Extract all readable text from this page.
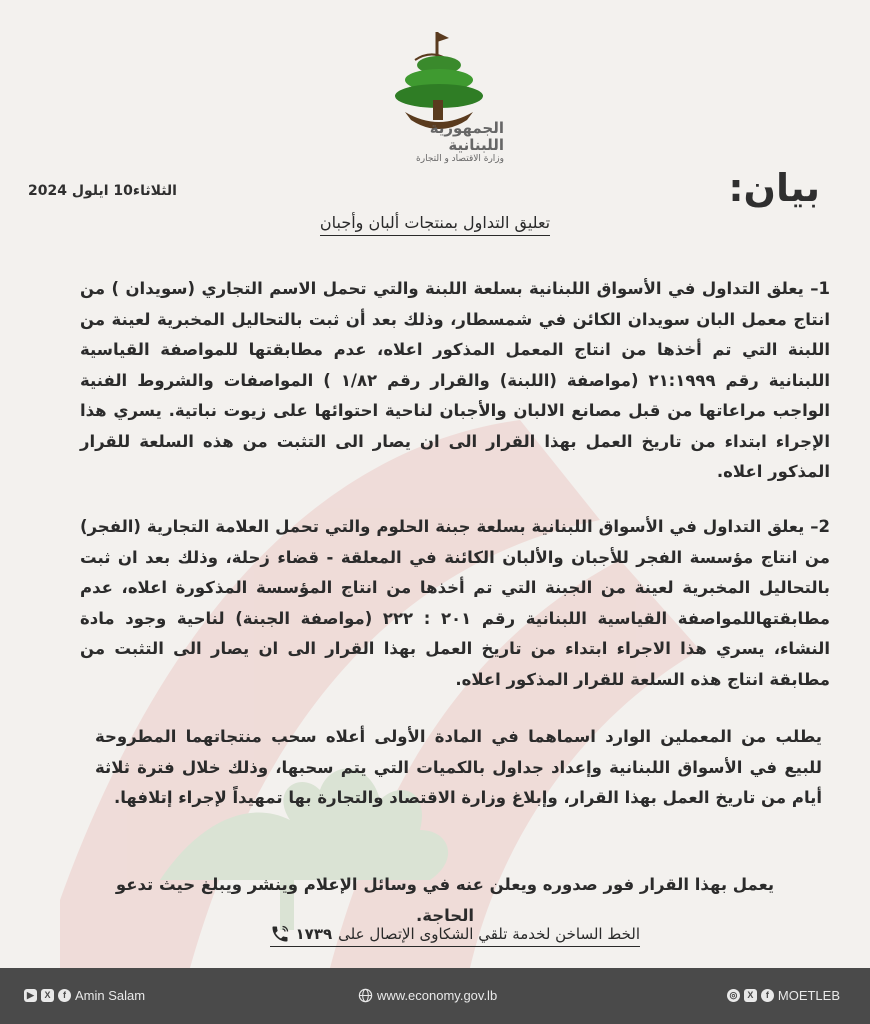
الجمهورية اللبنانية
وزارة الاقتصاد و التجارة
بيان:
الثلاثاء10 ايلول 2024
تعليق التداول بمنتجات ألبان وأجبان
1– يعلق التداول في الأسواق اللبنانية بسلعة اللبنة والتي تحمل الاسم التجاري (سويدان ) من انتاج معمل البان سويدان الكائن في شمسطار، وذلك بعد أن ثبت بالتحاليل المخبرية لعينة من اللبنة التي تم أخذها من انتاج المعمل المذكور اعلاه، عدم مطابقتها للمواصفة القياسية اللبنانية رقم ٢١:١٩٩٩ (مواصفة (اللبنة) والقرار رقم ١/٨٢ ) المواصفات والشروط الفنية الواجب مراعاتها من قبل مصانع الالبان والأجبان لناحية احتوائها على زيوت نباتية. يسري هذا الإجراء ابتداء من تاريخ العمل بهذا القرار الى ان يصار الى التثبت من هذه السلعة للقرار المذكور اعلاه.
2– يعلق التداول في الأسواق اللبنانية بسلعة جبنة الحلوم والتي تحمل العلامة التجارية (الفجر) من انتاج مؤسسة الفجر للأجبان والألبان الكائنة في المعلقة - قضاء زحلة، وذلك بعد ان ثبت بالتحاليل المخبرية لعينة من الجبنة التي تم أخذها من انتاج المؤسسة المذكورة اعلاه، عدم مطابقتهاللمواصفة القياسية اللبنانية رقم ٢٠١ : ٢٢٢ (مواصفة الجبنة) لناحية وجود مادة النشاء، يسري هذا الاجراء ابتداء من تاريخ العمل بهذا القرار الى ان يصار الى التثبت من مطابقة انتاج هذه السلعة للقرار المذكور اعلاه.
يطلب من المعملين الوارد اسماهما في المادة الأولى أعلاه سحب منتجاتهما المطروحة للبيع في الأسواق اللبنانية وإعداد جداول بالكميات التي يتم سحبها، وذلك خلال فترة ثلاثة أيام من تاريخ العمل بهذا القرار، وإبلاغ وزارة الاقتصاد والتجارة بها تمهيداً لإجراء إتلافها.
يعمل بهذا القرار فور صدوره ويعلن عنه في وسائل الإعلام وينشر ويبلغ حيث تدعو الحاجة.
الخط الساخن لخدمة تلقي الشكاوى الإتصال على
١٧٣٩
▶	X	f Amin Salam	www.economy.gov.lb	◎	X	f MOETLEB
